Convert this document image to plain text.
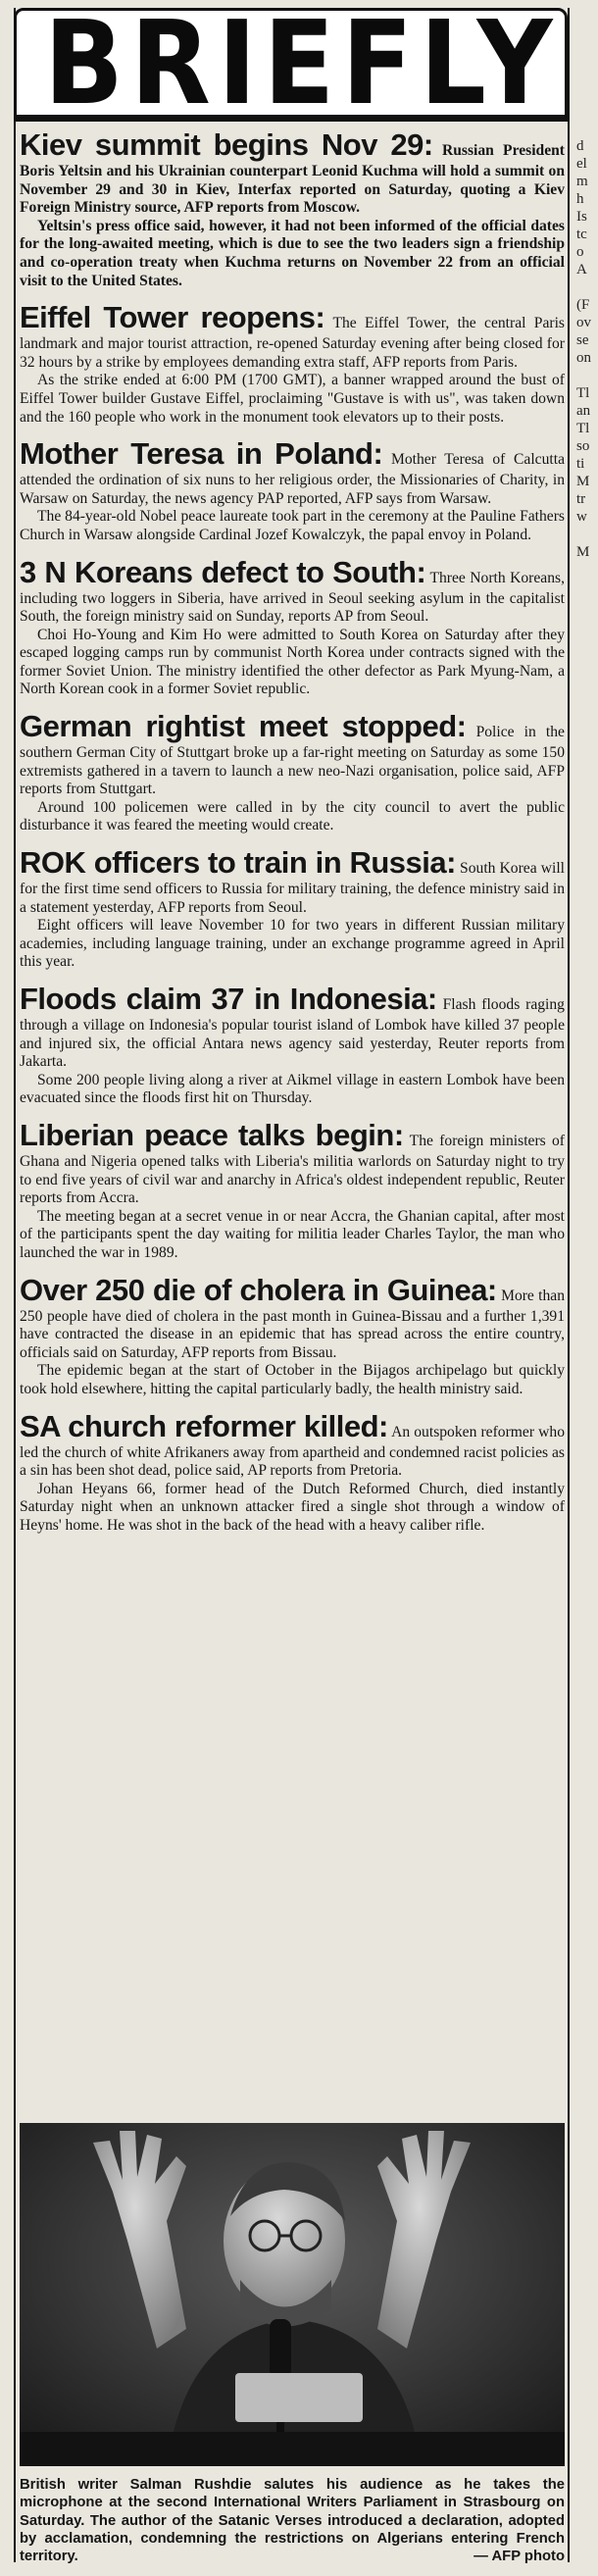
BRIEFLY

Kiev summit begins Nov 29: Russian President Boris Yeltsin and his Ukrainian counterpart Leonid Kuchma will hold a summit on November 29 and 30 in Kiev, Interfax reported on Saturday, quoting a Kiev Foreign Ministry source, AFP reports from Moscow.

Yeltsin's press office said, however, it had not been informed of the official dates for the long-awaited meeting, which is due to see the two leaders sign a friendship and co-operation treaty when Kuchma returns on November 22 from an official visit to the United States.

Eiffel Tower reopens: The Eiffel Tower, the central Paris landmark and major tourist attraction, re-opened Saturday evening after being closed for 32 hours by a strike by employees demanding extra staff, AFP reports from Paris.

As the strike ended at 6:00 PM (1700 GMT), a banner wrapped around the bust of Eiffel Tower builder Gustave Eiffel, proclaiming "Gustave is with us", was taken down and the 160 people who work in the monument took elevators up to their posts.

Mother Teresa in Poland: Mother Teresa of Calcutta attended the ordination of six nuns to her religious order, the Missionaries of Charity, in Warsaw on Saturday, the news agency PAP reported, AFP says from Warsaw.

The 84-year-old Nobel peace laureate took part in the ceremony at the Pauline Fathers Church in Warsaw alongside Cardinal Jozef Kowalczyk, the papal envoy in Poland.

3 N Koreans defect to South: Three North Koreans, including two loggers in Siberia, have arrived in Seoul seeking asylum in the capitalist South, the foreign ministry said on Sunday, reports AP from Seoul.

Choi Ho-Young and Kim Ho were admitted to South Korea on Saturday after they escaped logging camps run by communist North Korea under contracts signed with the former Soviet Union. The ministry identified the other defector as Park Myung-Nam, a North Korean cook in a former Soviet republic.

German rightist meet stopped: Police in the southern German City of Stuttgart broke up a far-right meeting on Saturday as some 150 extremists gathered in a tavern to launch a new neo-Nazi organisation, police said, AFP reports from Stuttgart.

Around 100 policemen were called in by the city council to avert the public disturbance it was feared the meeting would create.

ROK officers to train in Russia: South Korea will for the first time send officers to Russia for military training, the defence ministry said in a statement yesterday, AFP reports from Seoul.

Eight officers will leave November 10 for two years in different Russian military academies, including language training, under an exchange programme agreed in April this year.

Floods claim 37 in Indonesia: Flash floods raging through a village on Indonesia's popular tourist island of Lombok have killed 37 people and injured six, the official Antara news agency said yesterday, Reuter reports from Jakarta.

Some 200 people living along a river at Aikmel village in eastern Lombok have been evacuated since the floods first hit on Thursday.

Liberian peace talks begin: The foreign ministers of Ghana and Nigeria opened talks with Liberia's militia warlords on Saturday night to try to end five years of civil war and anarchy in Africa's oldest independent republic, Reuter reports from Accra.

The meeting began at a secret venue in or near Accra, the Ghanian capital, after most of the participants spent the day waiting for militia leader Charles Taylor, the man who launched the war in 1989.

Over 250 die of cholera in Guinea: More than 250 people have died of cholera in the past month in Guinea-Bissau and a further 1,391 have contracted the disease in an epidemic that has spread across the entire country, officials said on Saturday, AFP reports from Bissau.

The epidemic began at the start of October in the Bijagos archipelago but quickly took hold elsewhere, hitting the capital particularly badly, the health ministry said.

SA church reformer killed: An outspoken reformer who led the church of white Afrikaners away from apartheid and condemned racist policies as a sin has been shot dead, police said, AP reports from Pretoria.

Johan Heyans 66, former head of the Dutch Reformed Church, died instantly Saturday night when an unknown attacker fired a single shot through a window of Heyns' home. He was shot in the back of the head with a heavy caliber rifle.

British writer Salman Rushdie salutes his audience as he takes the microphone at the second International Writers Parliament in Strasbourg on Saturday. The author of the Satanic Verses introduced a declaration, adopted by acclamation, condemning the restrictions on Algerians entering French territory.	— AFP photo
d
el
m
h
Is
tc
o
A
(F
ov
se
on
Tl
an
Tl
so
ti
M
tr
w
M
